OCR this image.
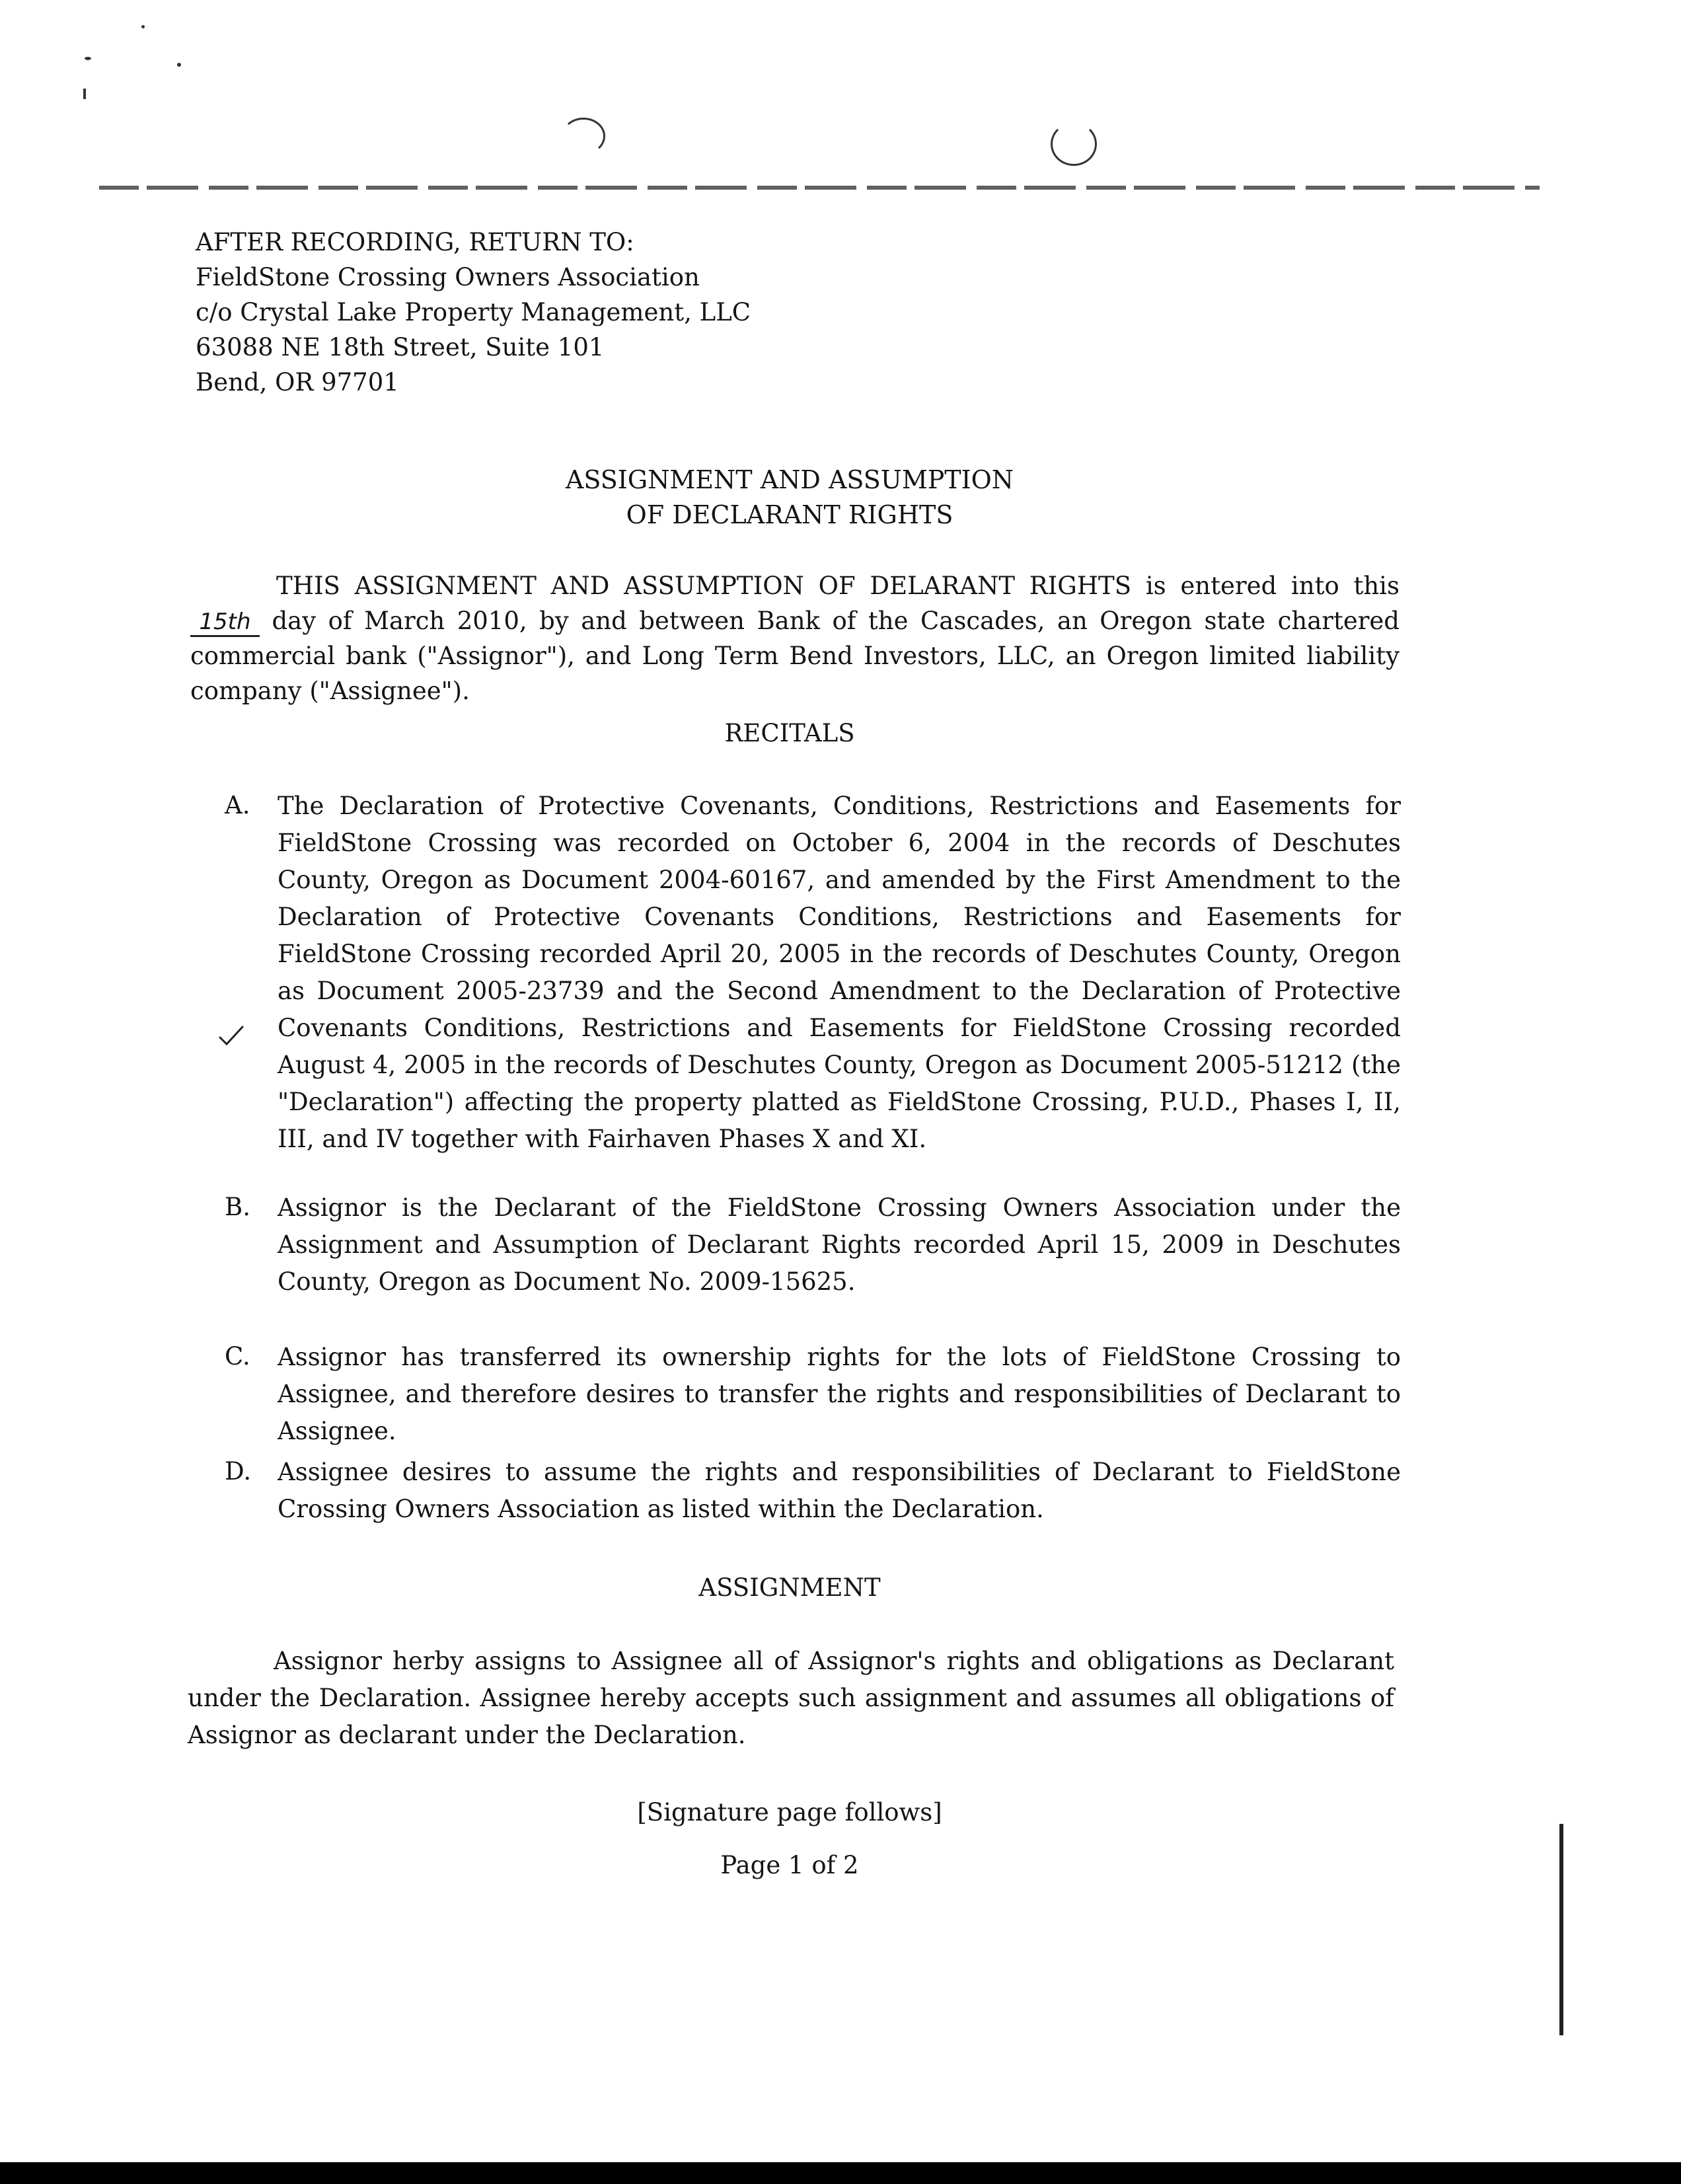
AFTER RECORDING, RETURN TO:
FieldStone Crossing Owners Association
c/o Crystal Lake Property Management, LLC
63088 NE 18th Street, Suite 101
Bend, OR 97701
ASSIGNMENT AND ASSUMPTION
OF DECLARANT RIGHTS
THIS ASSIGNMENT AND ASSUMPTION OF DELARANT RIGHTS is entered into this 15th day of March 2010, by and between Bank of the Cascades, an Oregon state chartered commercial bank ("Assignor"), and Long Term Bend Investors, LLC, an Oregon limited liability company ("Assignee").
RECITALS
A.	The Declaration of Protective Covenants, Conditions, Restrictions and Easements for FieldStone Crossing was recorded on October 6, 2004 in the records of Deschutes County, Oregon as Document 2004-60167, and amended by the First Amendment to the Declaration of Protective Covenants Conditions, Restrictions and Easements for FieldStone Crossing recorded April 20, 2005 in the records of Deschutes County, Oregon as Document 2005-23739 and the Second Amendment to the Declaration of Protective Covenants Conditions, Restrictions and Easements for FieldStone Crossing recorded August 4, 2005 in the records of Deschutes County, Oregon as Document 2005-51212 (the "Declaration") affecting the property platted as FieldStone Crossing, P.U.D., Phases I, II, III, and IV together with Fairhaven Phases X and XI.
B.	Assignor is the Declarant of the FieldStone Crossing Owners Association under the Assignment and Assumption of Declarant Rights recorded April 15, 2009 in Deschutes County, Oregon as Document No. 2009-15625.
C.	Assignor has transferred its ownership rights for the lots of FieldStone Crossing to Assignee, and therefore desires to transfer the rights and responsibilities of Declarant to Assignee.
D.	Assignee desires to assume the rights and responsibilities of Declarant to FieldStone Crossing Owners Association as listed within the Declaration.
ASSIGNMENT
Assignor herby assigns to Assignee all of Assignor's rights and obligations as Declarant under the Declaration. Assignee hereby accepts such assignment and assumes all obligations of Assignor as declarant under the Declaration.
[Signature page follows]
Page 1 of 2
